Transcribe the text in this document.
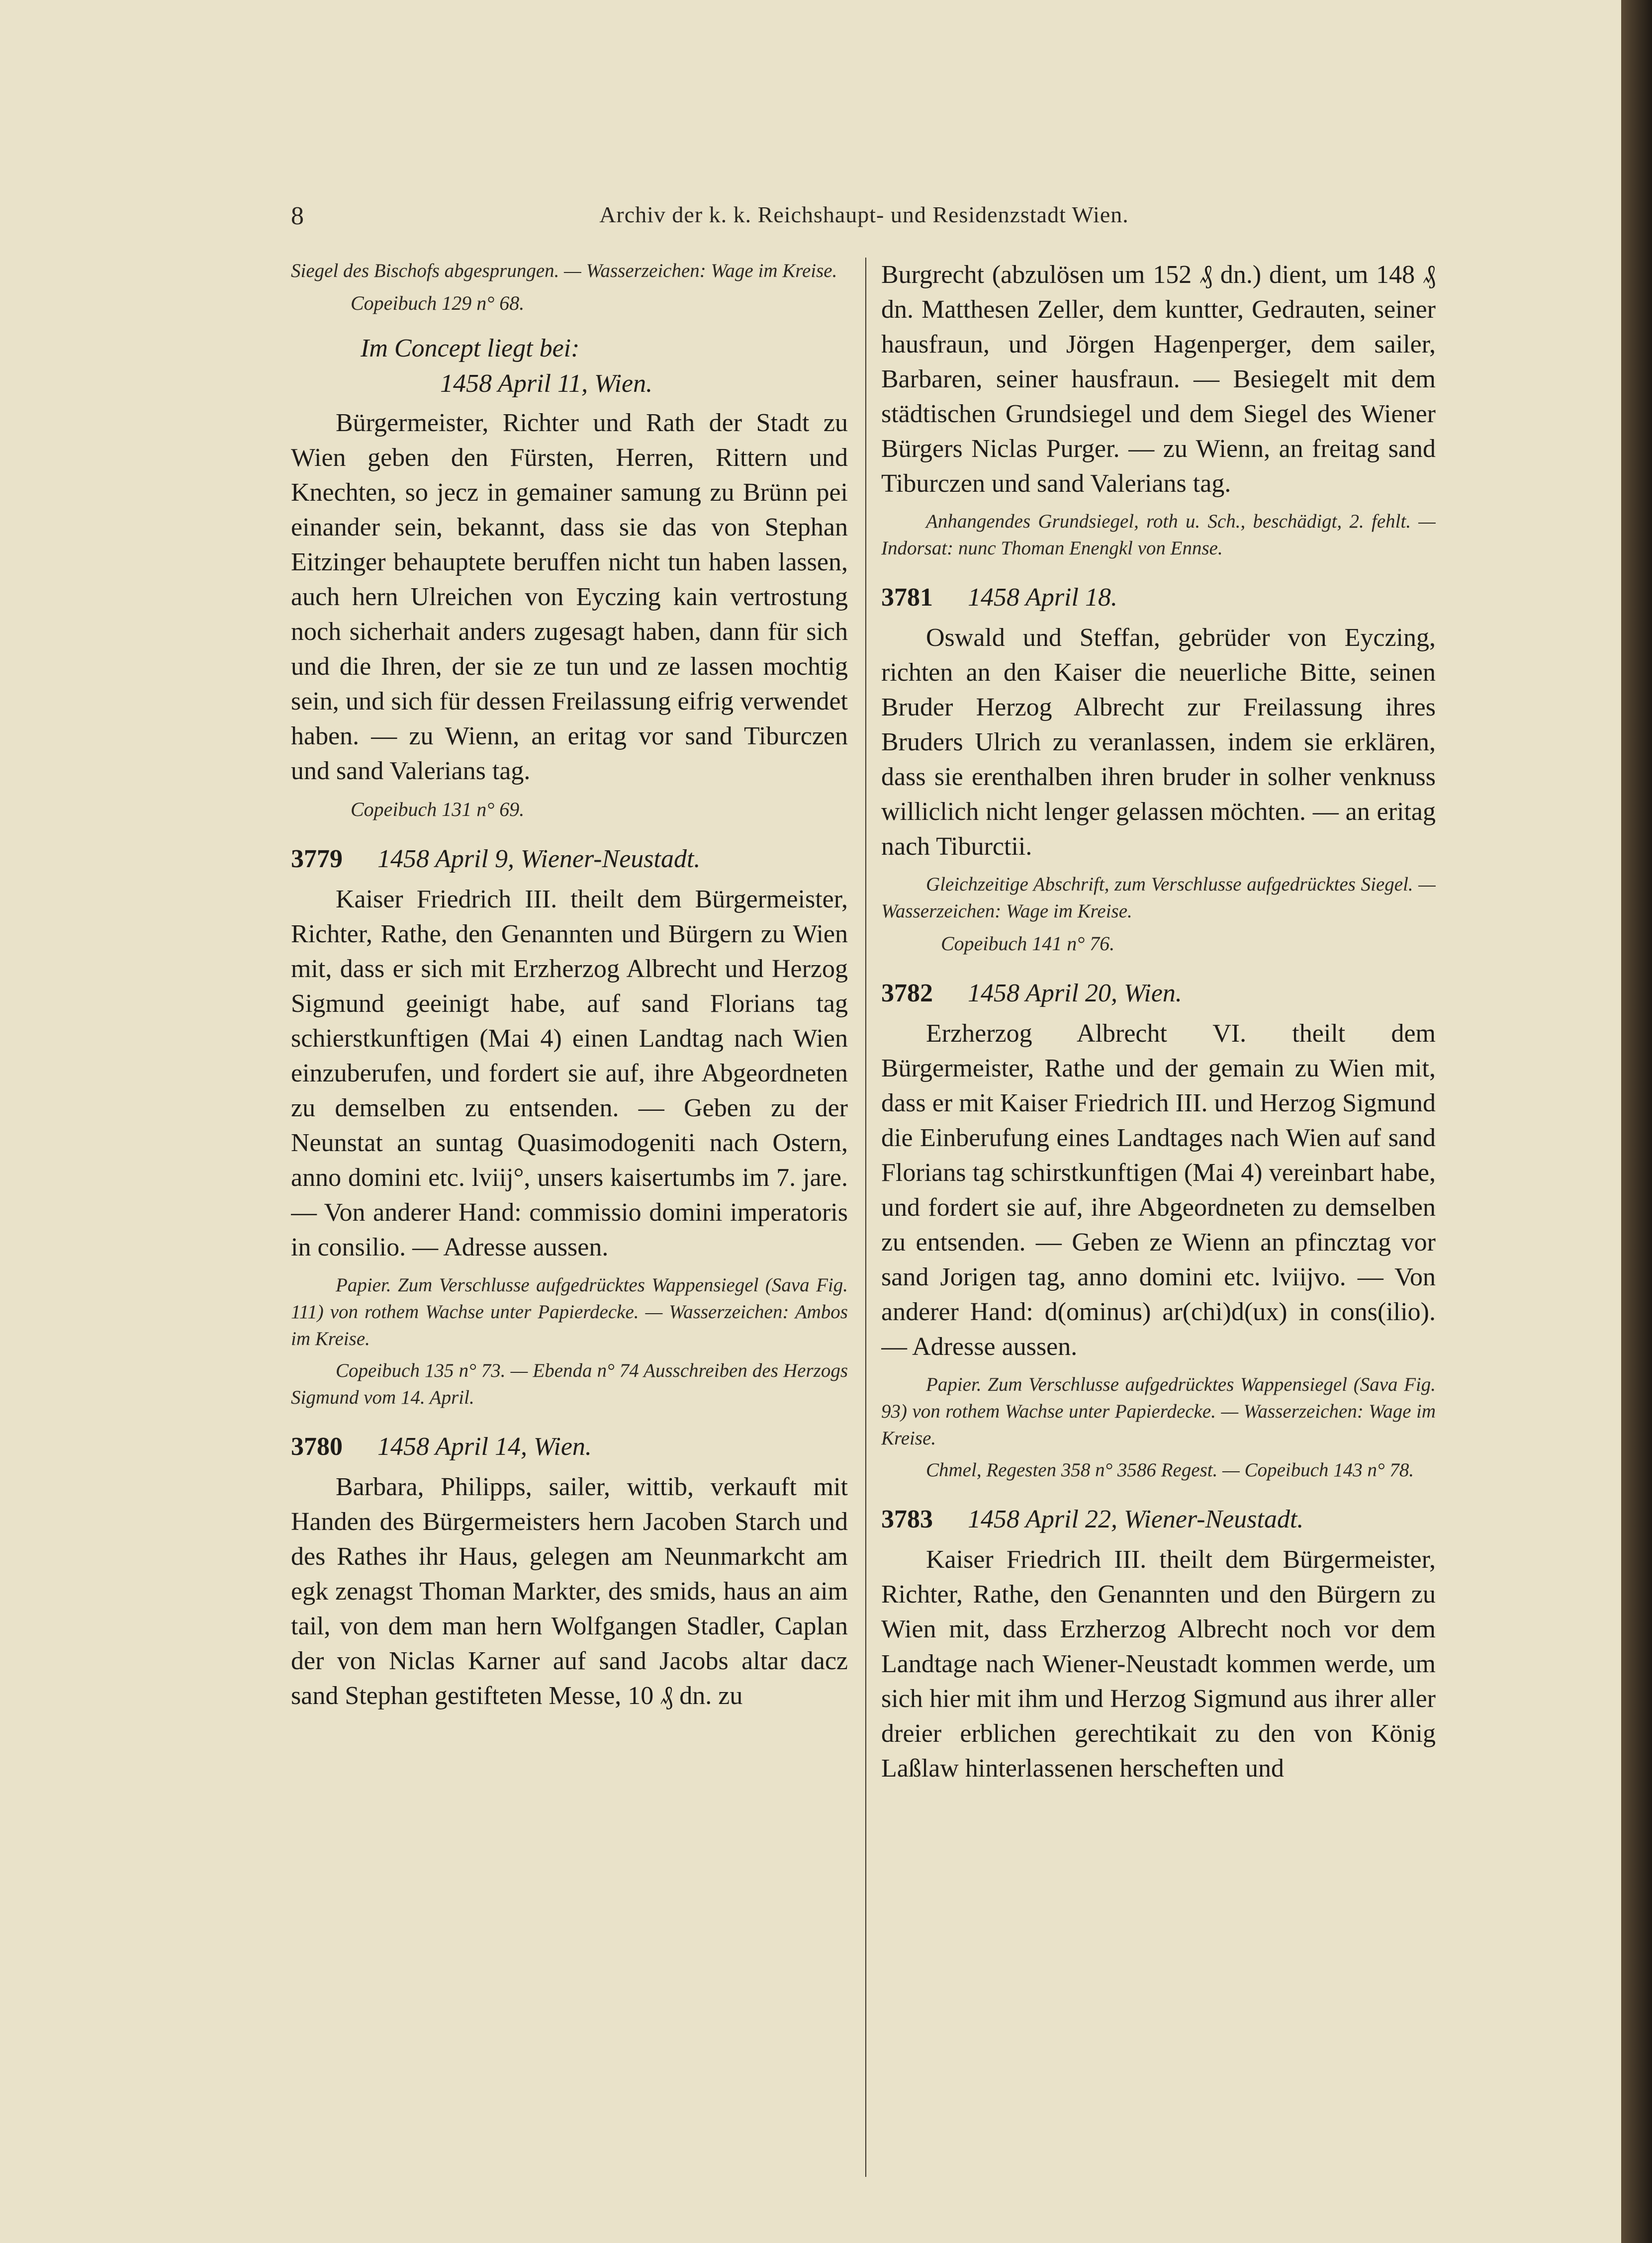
8	Archiv der k. k. Reichshaupt- und Residenzstadt Wien.

Siegel des Bischofs abgesprungen. — Wasserzeichen: Wage im Kreise.

Copeibuch 129 n° 68.

Im Concept liegt bei:

1458 April 11, Wien.

Bürgermeister, Richter und Rath der Stadt zu Wien geben den Fürsten, Herren, Rittern und Knechten, so jecz in gemainer samung zu Brünn pei einander sein, bekannt, dass sie das von Stephan Eitzinger behauptete beruffen nicht tun haben lassen, auch hern Ulreichen von Eyczing kain vertrostung noch sicherhait anders zugesagt haben, dann für sich und die Ihren, der sie ze tun und ze lassen mochtig sein, und sich für dessen Freilassung eifrig verwendet haben. — zu Wienn, an eritag vor sand Tiburczen und sand Valerians tag.

Copeibuch 131 n° 69.

3779 1458 April 9, Wiener-Neustadt.

Kaiser Friedrich III. theilt dem Bürgermeister, Richter, Rathe, den Genannten und Bürgern zu Wien mit, dass er sich mit Erzherzog Albrecht und Herzog Sigmund geeinigt habe, auf sand Florians tag schierstkunftigen (Mai 4) einen Landtag nach Wien einzuberufen, und fordert sie auf, ihre Abgeordneten zu demselben zu entsenden. — Geben zu der Neunstat an suntag Quasimodogeniti nach Ostern, anno domini etc. lviij°, unsers kaisertumbs im 7. jare. — Von anderer Hand: commissio domini imperatoris in consilio. — Adresse aussen.

Papier. Zum Verschlusse aufgedrücktes Wappensiegel (Sava Fig. 111) von rothem Wachse unter Papierdecke. — Wasserzeichen: Ambos im Kreise.

Copeibuch 135 n° 73. — Ebenda n° 74 Ausschreiben des Herzogs Sigmund vom 14. April.

3780 1458 April 14, Wien.

Barbara, Philipps, sailer, wittib, verkauft mit Handen des Bürgermeisters hern Jacoben Starch und des Rathes ihr Haus, gelegen am Neunmarkcht am egk zenagst Thoman Markter, des smids, haus an aim tail, von dem man hern Wolfgangen Stadler, Caplan der von Niclas Karner auf sand Jacobs altar dacz sand Stephan gestifteten Messe, 10 ₰ dn. zu

Burgrecht (abzulösen um 152 ₰ dn.) dient, um 148 ₰ dn. Matthesen Zeller, dem kuntter, Gedrauten, seiner hausfraun, und Jörgen Hagenperger, dem sailer, Barbaren, seiner hausfraun. — Besiegelt mit dem städtischen Grundsiegel und dem Siegel des Wiener Bürgers Niclas Purger. — zu Wienn, an freitag sand Tiburczen und sand Valerians tag.

Anhangendes Grundsiegel, roth u. Sch., beschädigt, 2. fehlt. — Indorsat: nunc Thoman Enengkl von Ennse.

3781 1458 April 18.

Oswald und Steffan, gebrüder von Eyczing, richten an den Kaiser die neuerliche Bitte, seinen Bruder Herzog Albrecht zur Freilassung ihres Bruders Ulrich zu veranlassen, indem sie erklären, dass sie erenthalben ihren bruder in solher venknuss williclich nicht lenger gelassen möchten. — an eritag nach Tiburctii.

Gleichzeitige Abschrift, zum Verschlusse aufgedrücktes Siegel. — Wasserzeichen: Wage im Kreise.

Copeibuch 141 n° 76.

3782 1458 April 20, Wien.

Erzherzog Albrecht VI. theilt dem Bürgermeister, Rathe und der gemain zu Wien mit, dass er mit Kaiser Friedrich III. und Herzog Sigmund die Einberufung eines Landtages nach Wien auf sand Florians tag schirstkunftigen (Mai 4) vereinbart habe, und fordert sie auf, ihre Abgeordneten zu demselben zu entsenden. — Geben ze Wienn an pfincztag vor sand Jorigen tag, anno domini etc. lviijvo. — Von anderer Hand: d(ominus) ar(chi)d(ux) in cons(ilio). — Adresse aussen.

Papier. Zum Verschlusse aufgedrücktes Wappensiegel (Sava Fig. 93) von rothem Wachse unter Papierdecke. — Wasserzeichen: Wage im Kreise.

Chmel, Regesten 358 n° 3586 Regest. — Copeibuch 143 n° 78.

3783 1458 April 22, Wiener-Neustadt.

Kaiser Friedrich III. theilt dem Bürgermeister, Richter, Rathe, den Genannten und den Bürgern zu Wien mit, dass Erzherzog Albrecht noch vor dem Landtage nach Wiener-Neustadt kommen werde, um sich hier mit ihm und Herzog Sigmund aus ihrer aller dreier erblichen gerechtikait zu den von König Laßlaw hinterlassenen herscheften und
